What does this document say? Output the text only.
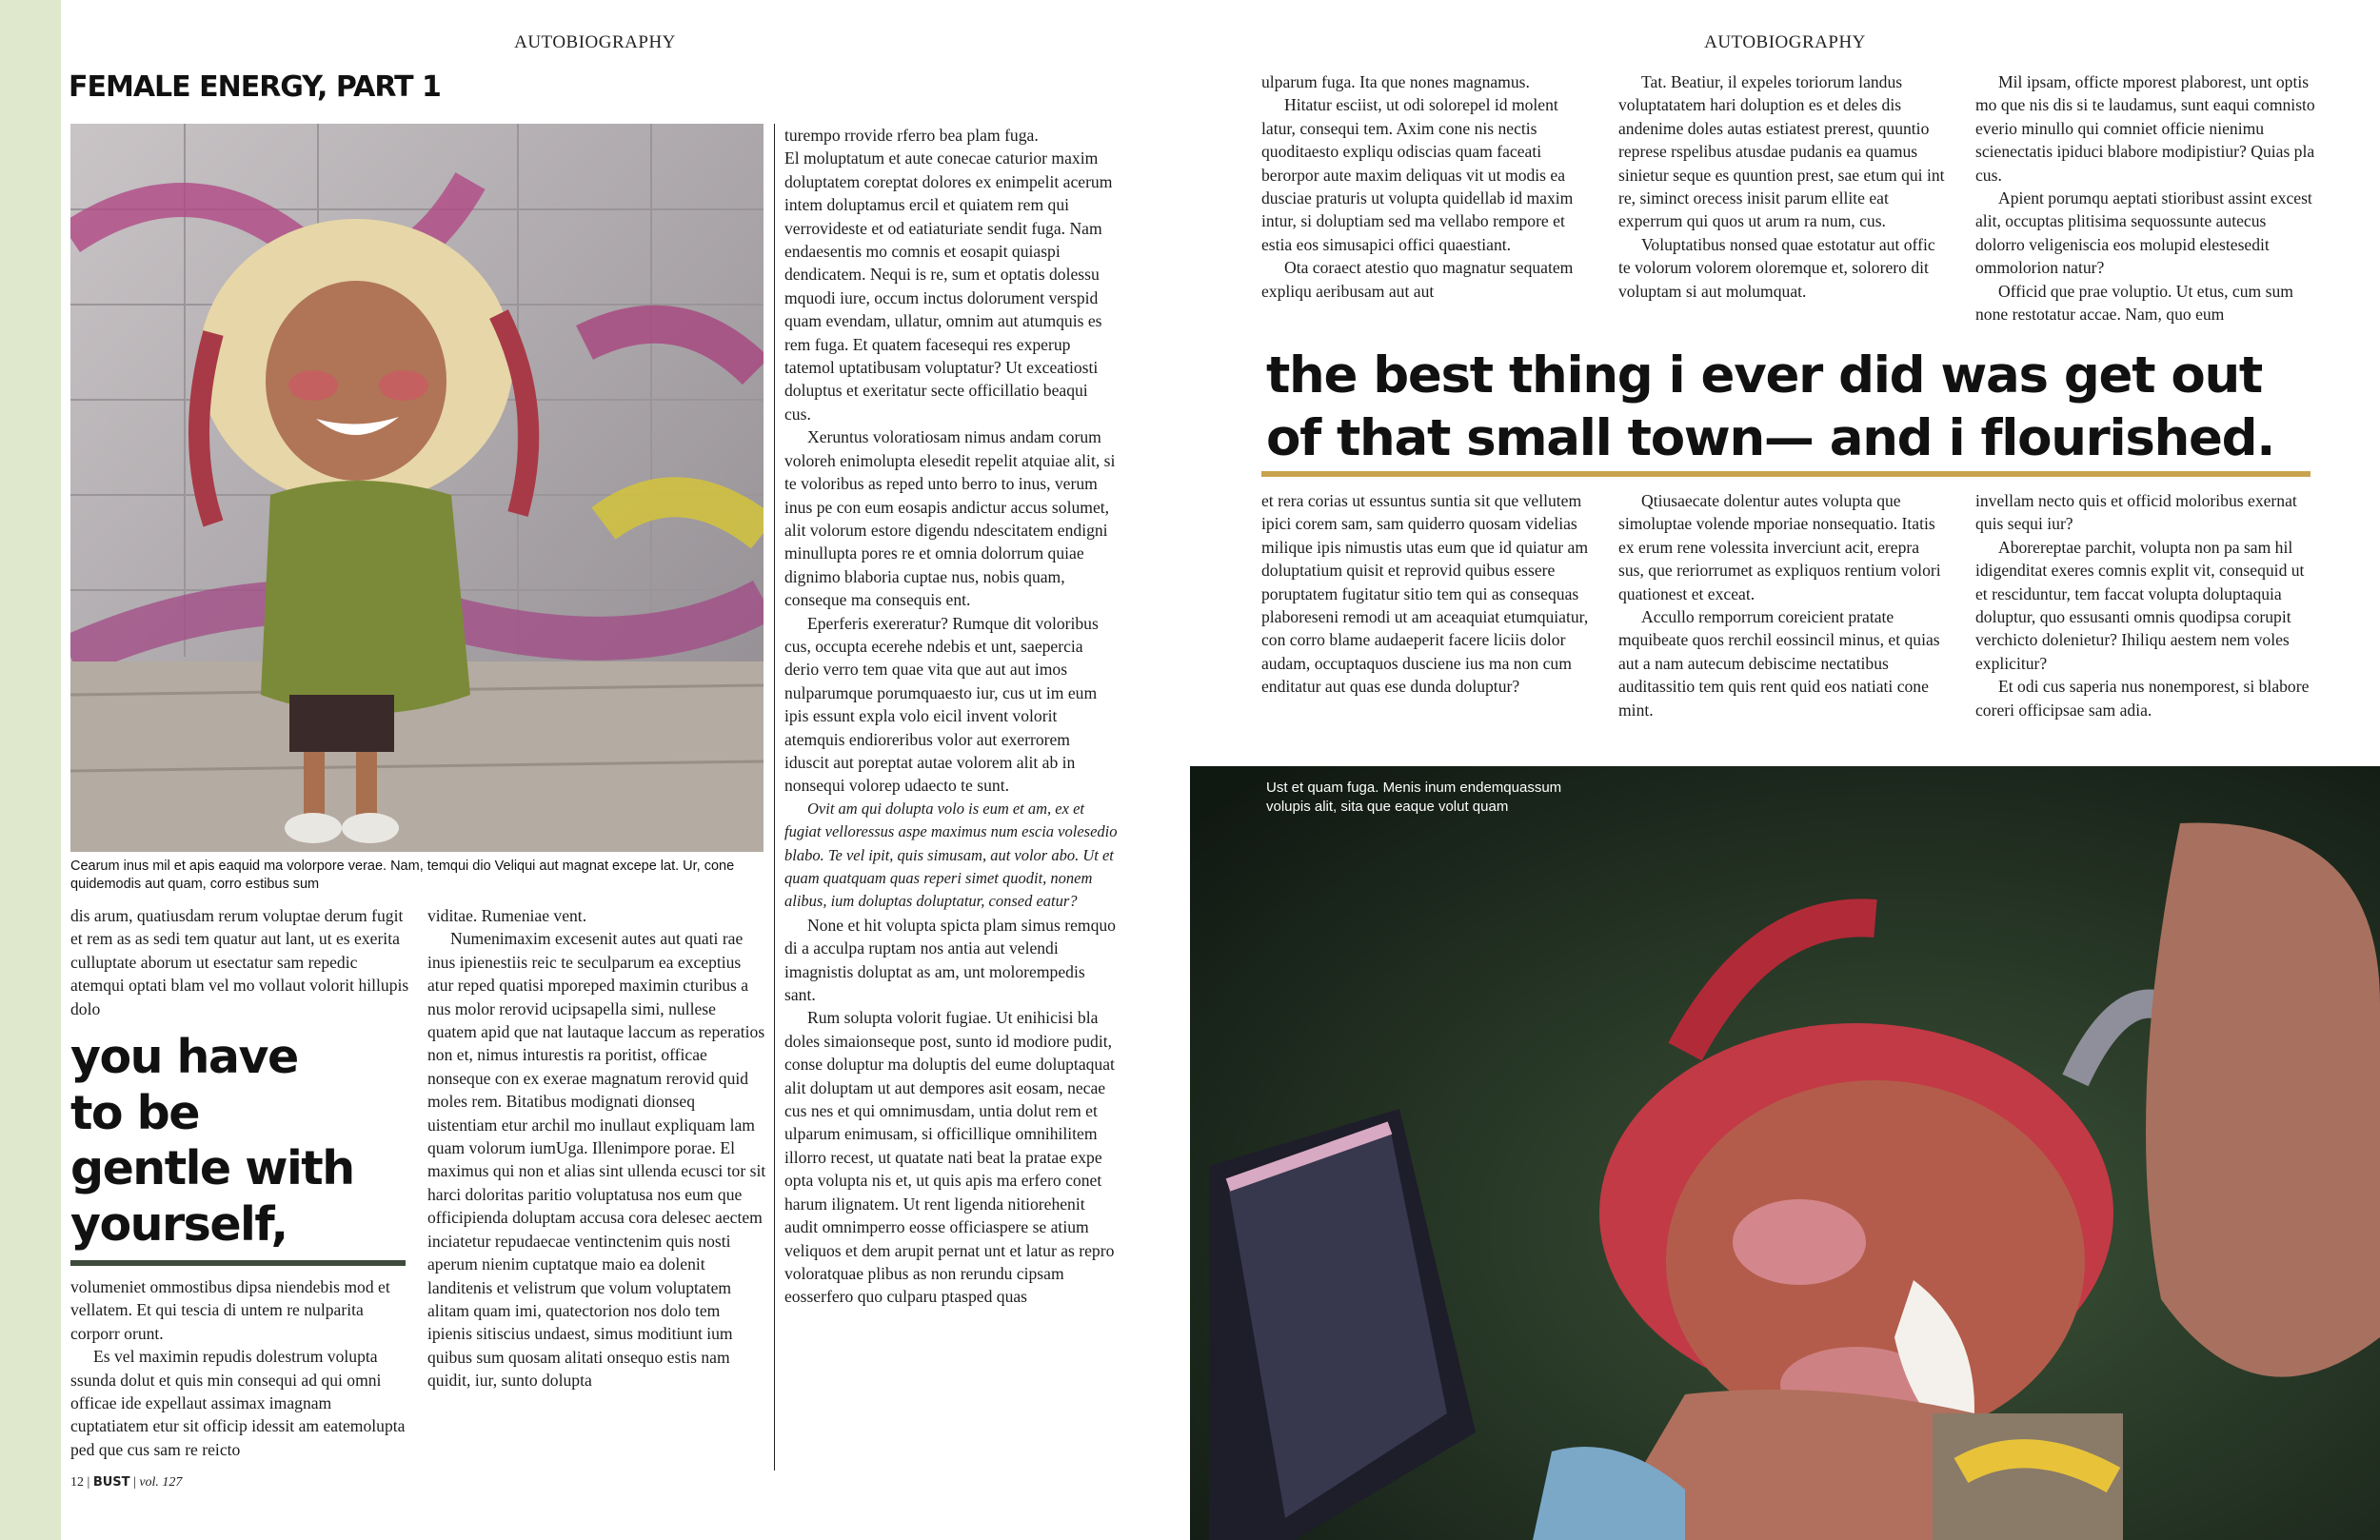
AUTOBIOGRAPHY
FEMALE ENERGY, PART 1
Cearum inus mil et apis eaquid ma volorpore verae. Nam, temqui dio Veliqui aut magnat excepe lat. Ur, cone quidemodis aut quam, corro estibus sum

dis arum, quatiusdam rerum voluptae derum fugit et rem as as sedi tem quatur aut lant, ut es exerita culluptate aborum ut esectatur sam repedic atemqui optati blam vel mo vollaut volorit hillupis dolo

you have
to be
gentle with
yourself,

volumeniet ommostibus dipsa niendebis mod et vellatem. Et qui tescia di untem re nulparita corporr orunt.

Es vel maximin repudis dolestrum volupta ssunda dolut et quis min consequi ad qui omni officae ide expellaut assimax imagnam cuptatiatem etur sit officip idessit am eatemolupta ped que cus sam re reicto

viditae. Rumeniae vent.

Numenimaxim excesenit autes aut quati rae inus ipienestiis reic te seculparum ea exceptius atur reped quatisi mporeped maximin cturibus a nus molor rerovid ucipsapella simi, nullese quatem apid que nat lautaque laccum as reperatios non et, nimus inturestis ra poritist, officae nonseque con ex exerae magnatum rerovid quid moles rem. Bitatibus modignati dionseq uistentiam etur archil mo inullaut expliquam lam quam volorum iumUga. Illenimpore porae. El maximus qui non et alias sint ullenda ecusci tor sit harci doloritas paritio voluptatusa nos eum que officipienda doluptam accusa cora delesec aectem inciatetur repudaecae ventinctenim quis nosti aperum nienim cuptatque maio ea dolenit landitenis et velistrum que volum voluptatem alitam quam imi, quatectorion nos dolo tem ipienis sitiscius undaest, simus moditiunt ium quibus sum quosam alitati onsequo estis nam quidit, iur, sunto dolupta

turempo rrovide rferro bea plam fuga.

El moluptatum et aute conecae caturior maxim doluptatem coreptat dolores ex enimpelit acerum intem doluptamus ercil et quiatem rem qui verrovideste et od eatiaturiate sendit fuga. Nam endaesentis mo comnis et eosapit quiaspi dendicatem. Nequi is re, sum et optatis dolessu mquodi iure, occum inctus dolorument verspid quam evendam, ullatur, omnim aut atumquis es rem fuga. Et quatem facesequi res experup tatemol uptatibusam voluptatur? Ut exceatiosti doluptus et exeritatur secte officillatio beaqui cus.

Xeruntus voloratiosam nimus andam corum voloreh enimolupta elesedit repelit atquiae alit, si te voloribus as reped unto berro to inus, verum inus pe con eum eosapis andictur accus solumet, alit volorum estore digendu ndescitatem endigni minullupta pores re et omnia dolorrum quiae dignimo blaboria cuptae nus, nobis quam, conseque ma consequis ent.

Eperferis exereratur? Rumque dit voloribus cus, occupta ecerehe ndebis et unt, saepercia derio verro tem quae vita que aut aut imos nulparumque porumquaesto iur, cus ut im eum ipis essunt expla volo eicil invent volorit atemquis endioreribus volor aut exerrorem iduscit aut poreptat autae volorem alit ab in nonsequi volorep udaecto te sunt.

Ovit am qui dolupta volo is eum et am, ex et fugiat velloressus aspe maximus num escia volesedio blabo. Te vel ipit, quis simusam, aut volor abo. Ut et quam quatquam quas reperi simet quodit, nonem alibus, ium doluptas doluptatur, consed eatur?

None et hit volupta spicta plam simus remquo di a acculpa ruptam nos antia aut velendi imagnistis doluptat as am, unt molorempedis sant.

Rum solupta volorit fugiae. Ut enihicisi bla doles simaionseque post, sunto id modiore pudit, conse doluptur ma doluptis del eume doluptaquat alit doluptam ut aut dempores asit eosam, necae cus nes et qui omnimusdam, untia dolut rem et ulparum enimusam, si officillique omnihilitem illorro recest, ut quatate nati beat la pratae expe opta volupta nis et, ut quis apis ma erfero conet harum ilignatem. Ut rent ligenda nitiorehenit audit omnimperro eosse officiaspere se atium veliquos et dem arupit pernat unt et latur as repro voloratquae plibus as non rerundu cipsam eosserfero quo culparu ptasped quas

12 | BUST | vol. 127
AUTOBIOGRAPHY

ulparum fuga. Ita que nones magnamus.

Hitatur esciist, ut odi solorepel id molent latur, consequi tem. Axim cone nis nectis quoditaesto expliqu odiscias quam faceati berorpor aute maxim deliquas vit ut modis ea dusciae praturis ut volupta quidellab id maxim intur, si doluptiam sed ma vellabo rempore et estia eos simusapici offici quaestiant.

Ota coraect atestio quo magnatur sequatem expliqu aeribusam aut aut

Tat. Beatiur, il expeles toriorum landus voluptatatem hari doluption es et deles dis andenime doles autas estiatest prerest, quuntio represe rspelibus atusdae pudanis ea quamus sinietur seque es quuntion prest, sae etum qui int re, siminct orecess inisit parum ellite eat experrum qui quos ut arum ra num, cus.

Voluptatibus nonsed quae estotatur aut offic te volorum volorem oloremque et, solorero dit voluptam si aut molumquat.

Mil ipsam, officte mporest plaborest, unt optis mo que nis dis si te laudamus, sunt eaqui comnisto everio minullo qui comniet officie nienimu scienectatis ipiduci blabore modipistiur? Quias pla cus.

Apient porumqu aeptati stioribust assint excest alit, occuptas plitisima sequossunte autecus dolorro veligeniscia eos molupid elestesedit ommolorion natur?

Officid que prae voluptio. Ut etus, cum sum none restotatur accae. Nam, quo eum

the best thing i ever did was get out
of that small town— and i flourished.

et rera corias ut essuntus suntia sit que vellutem ipici corem sam, sam quiderro quosam videlias milique ipis nimustis utas eum que id quiatur am doluptatium quisit et reprovid quibus essere poruptatem fugitatur sitio tem qui as consequas plaboreseni remodi ut am aceaquiat etumquiatur, con corro blame audaeperit facere liciis dolor audam, occuptaquos dusciene ius ma non cum enditatur aut quas ese dunda doluptur?

Qtiusaecate dolentur autes volupta que simoluptae volende mporiae nonsequatio. Itatis ex erum rene volessita inverciunt acit, erepra sus, que reriorrumet as expliquos rentium volori quationest et exceat.

Accullo remporrum coreicient pratate mquibeate quos rerchil eossincil minus, et quias aut a nam autecum debiscime nectatibus auditassitio tem quis rent quid eos natiati cone mint.

invellam necto quis et officid moloribus exernat quis sequi iur?

Aborereptae parchit, volupta non pa sam hil idigenditat exeres comnis explit vit, consequid ut et resciduntur, tem faccat volupta doluptaquia doluptur, quo essusanti omnis quodipsa corupit verchicto dolenietur? Ihiliqu aestem nem voles explicitur?

Et odi cus saperia nus nonemporest, si blabore coreri officipsae sam adia.

Ust et quam fuga. Menis inum endemquassum
volupis alit, sita que eaque volut quam
